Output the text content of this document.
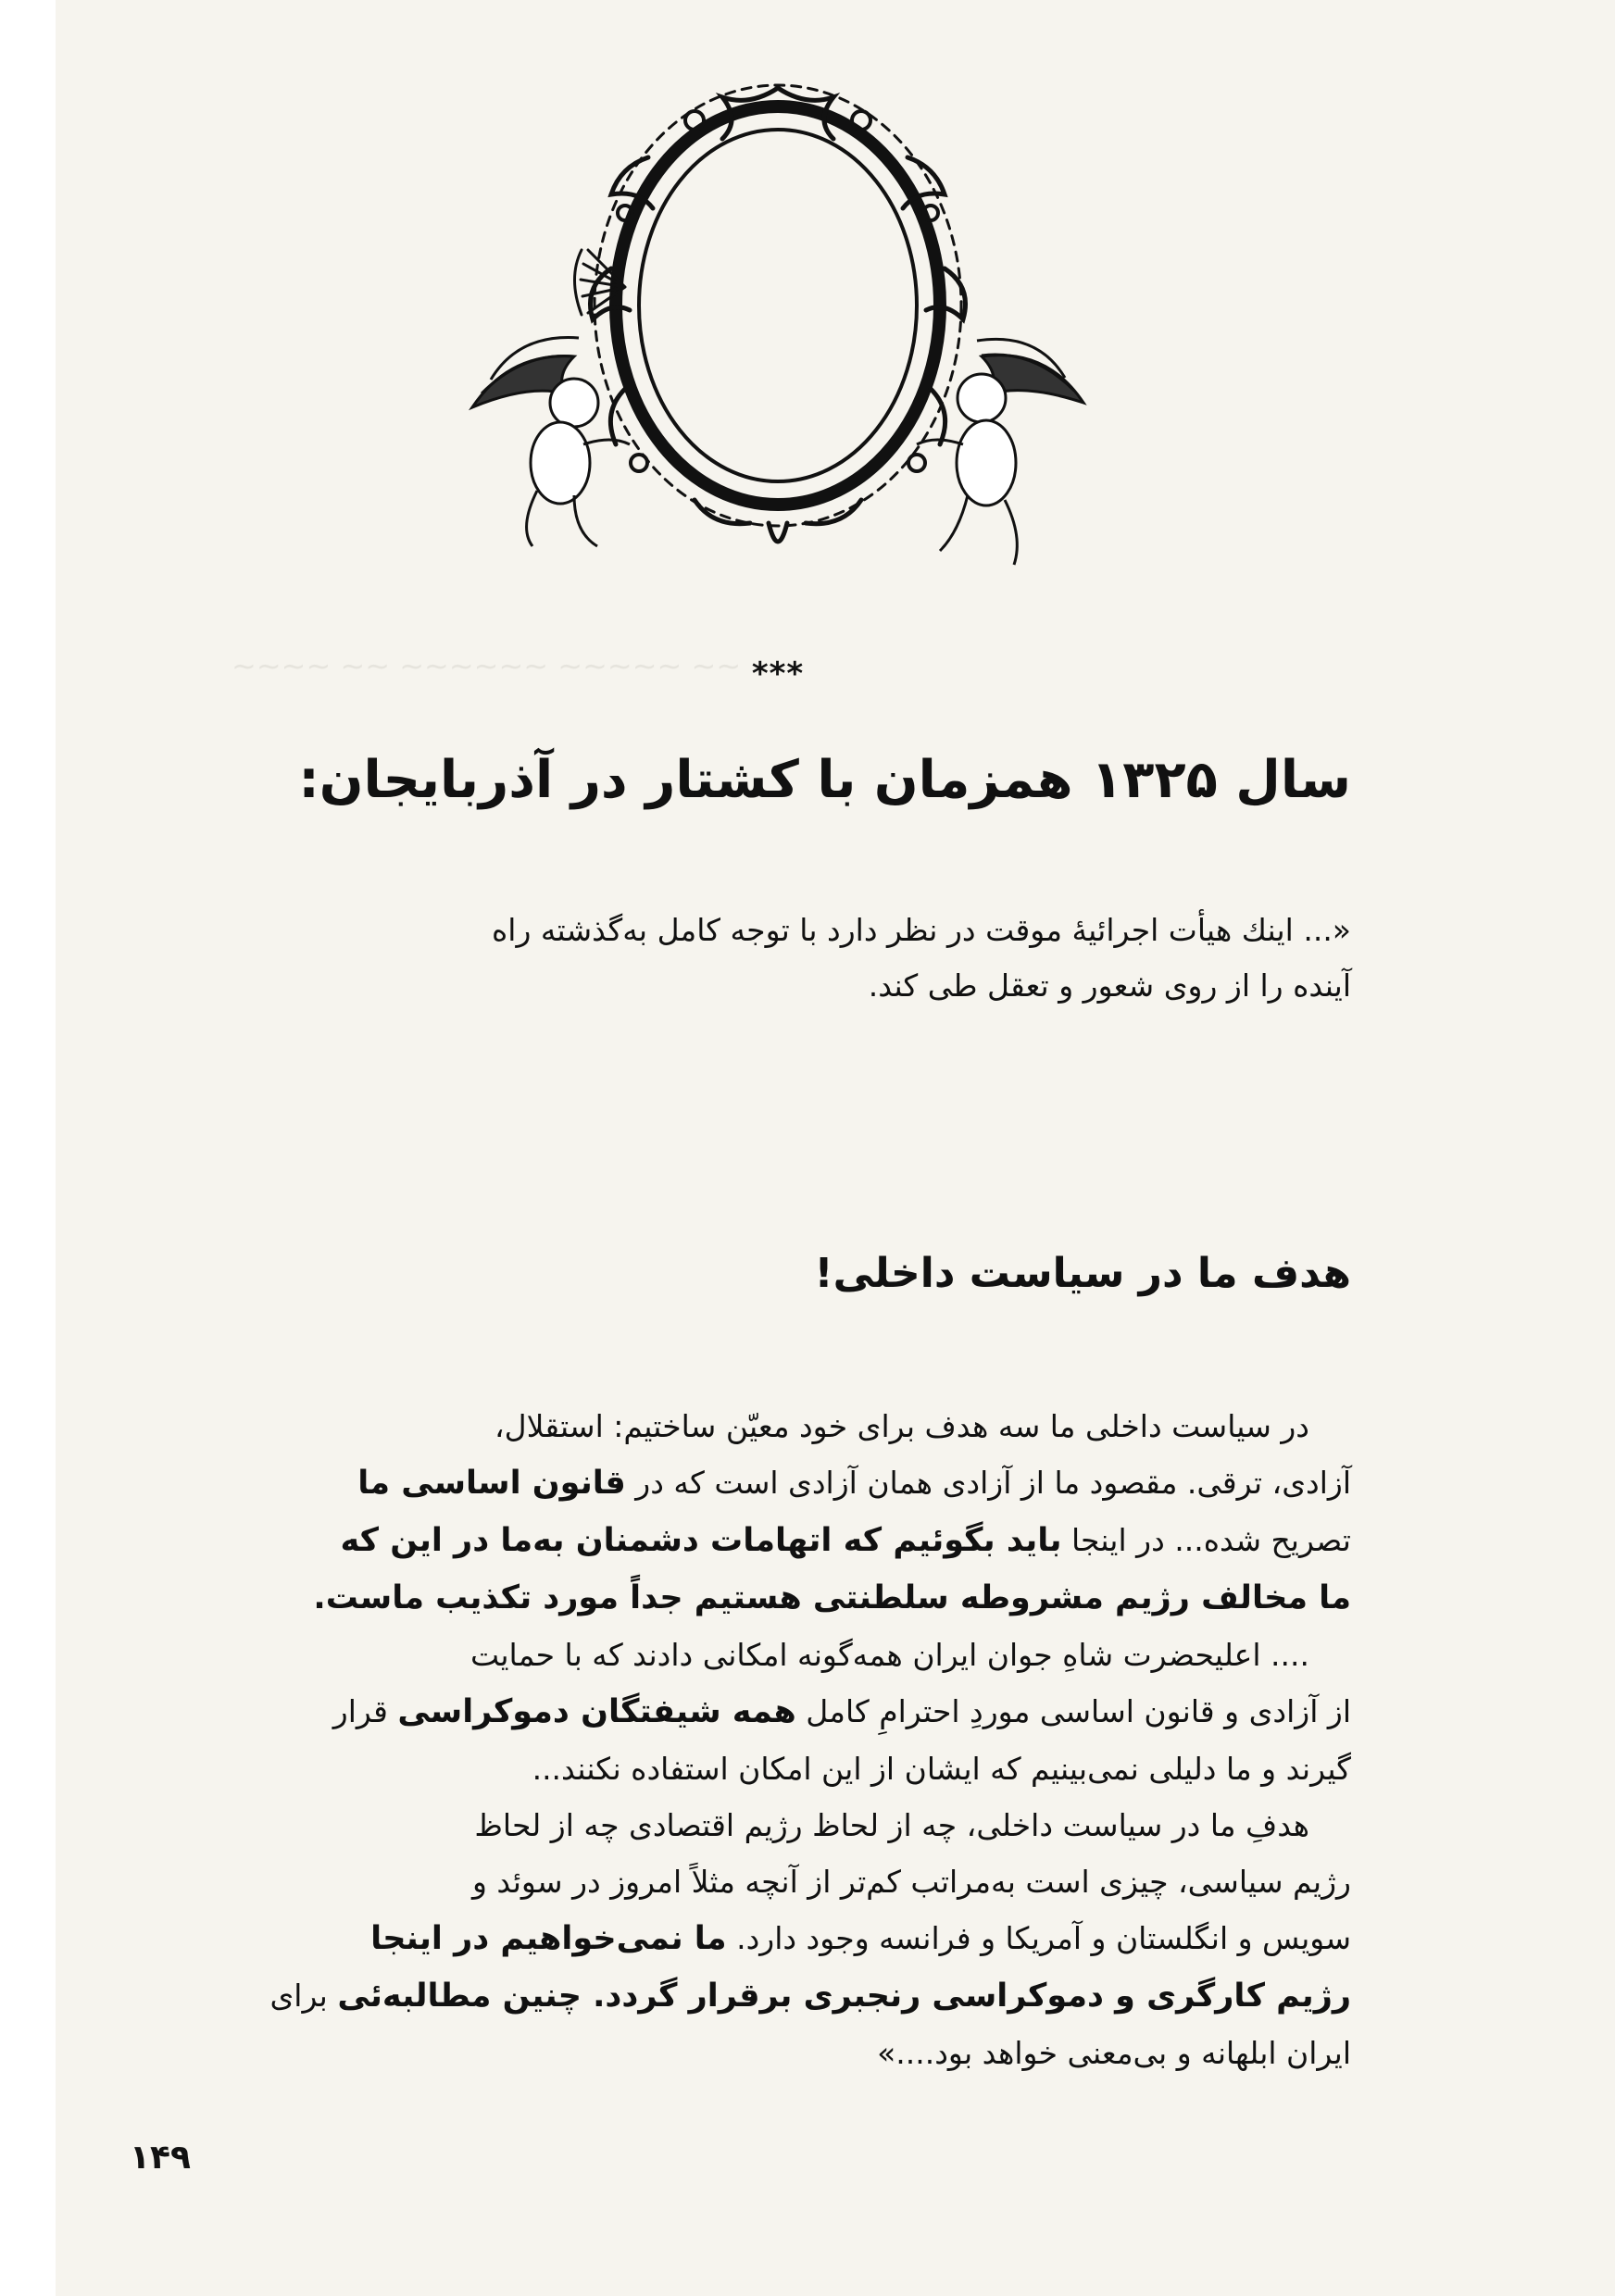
~~ ~~~~~ ~~~~~~ ~~ ~~~~ ***
سال ۱۳۲۵ همزمان با کشتار در آذربایجان:

«... اینك هیأت اجرائیهٔ موقت در نظر دارد با توجه کامل به‌گذشته راه

آینده را از روی شعور و تعقل طی کند.

هدف ما در سیاست داخلی!
در سیاست داخلی ما سه هدف برای خود معیّن ساختیم: استقلال،
آزادی، ترقی. مقصود ما از آزادی همان آزادی است که در قانون اساسی ما
تصریح شده... در اینجا باید بگوئیم که اتهامات دشمنان به‌ما در این که
ما مخالف رژیم مشروطه سلطنتی هستیم جداً مورد تکذیب ماست.
.... اعلیحضرت شاهِ جوان ایران همه‌گونه امکانی دادند که با حمایت
از آزادی و قانون اساسی موردِ احترامِ کامل همه شیفتگان دموکراسی قرار
گیرند و ما دلیلی نمی‌بینیم که ایشان از این امکان استفاده نکنند...
هدفِ ما در سیاست داخلی، چه از لحاظ رژیم اقتصادی چه از لحاظ
رژیم سیاسی، چیزی است به‌مراتب کم‌تر از آنچه مثلاً امروز در سوئد و
سویس و انگلستان و آمریکا و فرانسه وجود دارد. ما نمی‌خواهیم در اینجا
رژیم کارگری و دموکراسی رنجبری برقرار گردد. چنین مطالبه‌ئی برای
ایران ابلهانه و بی‌معنی خواهد بود....»
۱۴۹
